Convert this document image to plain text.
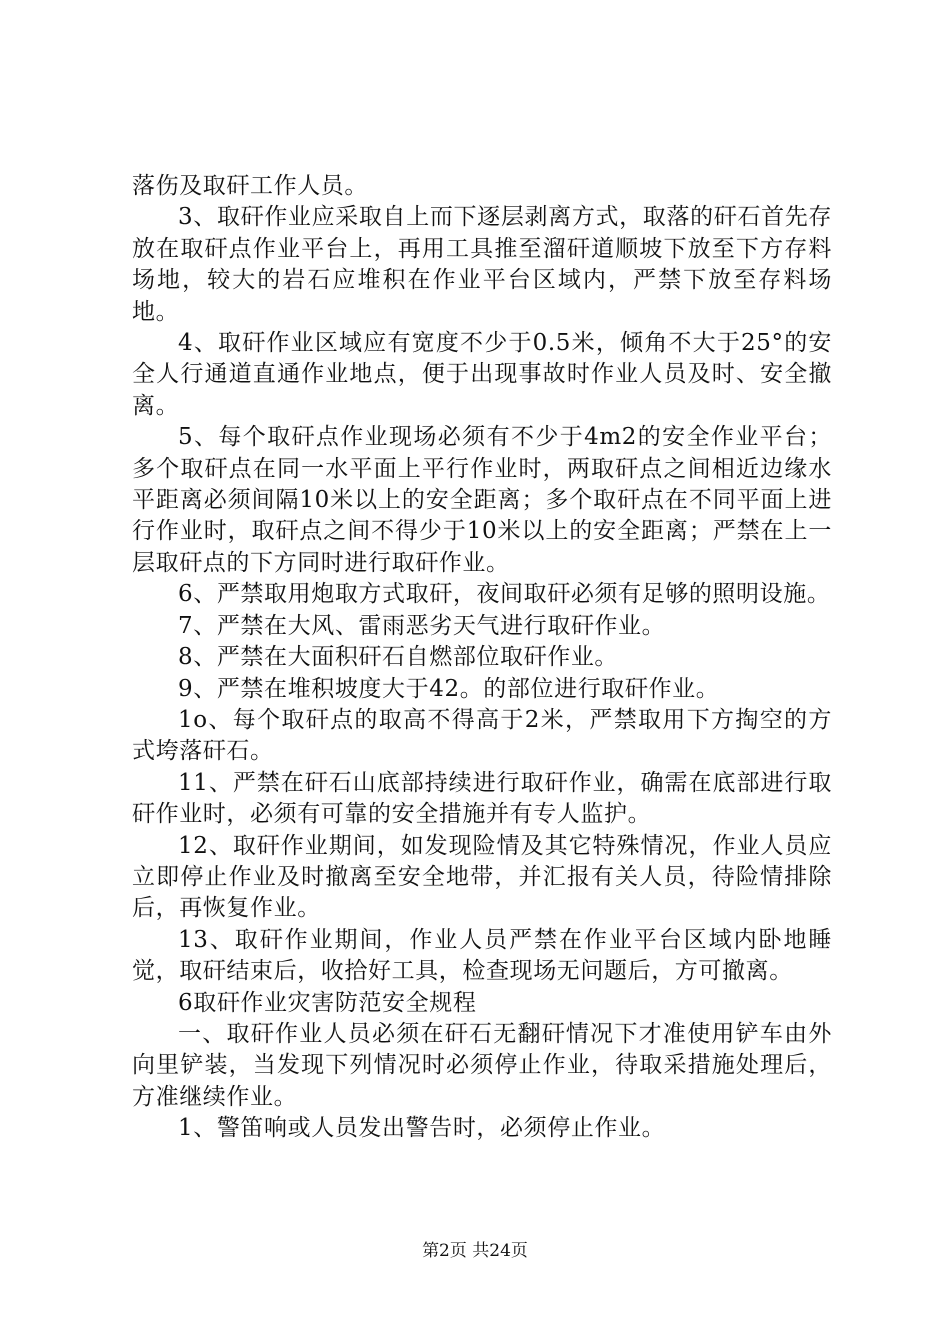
落伤及取矸工作人员。

3、取矸作业应采取自上而下逐层剥离方式，取落的矸石首先存放在取矸点作业平台上，再用工具推至溜矸道顺坡下放至下方存料场地，较大的岩石应堆积在作业平台区域内，严禁下放至存料场地。

4、取矸作业区域应有宽度不少于0.5米，倾角不大于25°的安全人行通道直通作业地点，便于出现事故时作业人员及时、安全撤离。

5、每个取矸点作业现场必须有不少于4m2的安全作业平台；多个取矸点在同一水平面上平行作业时，两取矸点之间相近边缘水平距离必须间隔10米以上的安全距离；多个取矸点在不同平面上进行作业时，取矸点之间不得少于10米以上的安全距离；严禁在上一层取矸点的下方同时进行取矸作业。

6、严禁取用炮取方式取矸，夜间取矸必须有足够的照明设施。

7、严禁在大风、雷雨恶劣天气进行取矸作业。

8、严禁在大面积矸石自燃部位取矸作业。

9、严禁在堆积坡度大于42。的部位进行取矸作业。

1o、每个取矸点的取高不得高于2米，严禁取用下方掏空的方式垮落矸石。

11、严禁在矸石山底部持续进行取矸作业，确需在底部进行取矸作业时，必须有可靠的安全措施并有专人监护。

12、取矸作业期间，如发现险情及其它特殊情况，作业人员应立即停止作业及时撤离至安全地带，并汇报有关人员，待险情排除后，再恢复作业。

13、取矸作业期间，作业人员严禁在作业平台区域内卧地睡觉，取矸结束后，收拾好工具，检查现场无问题后，方可撤离。

6取矸作业灾害防范安全规程

一、取矸作业人员必须在矸石无翻矸情况下才准使用铲车由外向里铲装，当发现下列情况时必须停止作业，待取采措施处理后，方准继续作业。

1、警笛响或人员发出警告时，必须停止作业。

第2页 共24页
